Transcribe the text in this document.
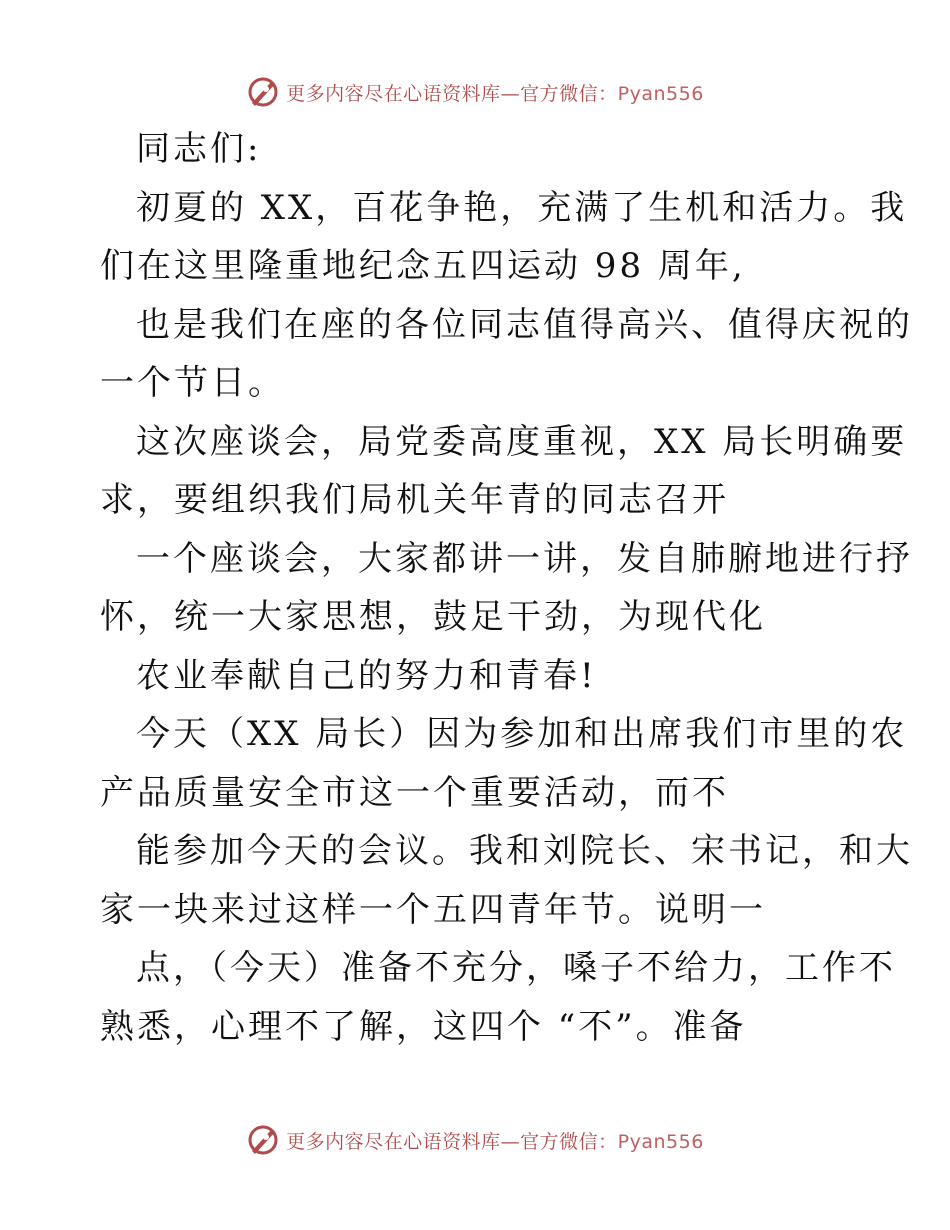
更多内容尽在心语资料库—官方微信：Pyan556
同志们:
初夏的 XX，百花争艳，充满了生机和活力。我
们在这里隆重地纪念五四运动 98 周年,
也是我们在座的各位同志值得高兴、值得庆祝的
一个节日。
这次座谈会，局党委高度重视，XX 局长明确要
求，要组织我们局机关年青的同志召开
一个座谈会，大家都讲一讲，发自肺腑地进行抒
怀，统一大家思想，鼓足干劲，为现代化
农业奉献自己的努力和青春!
今天（XX 局长）因为参加和出席我们市里的农
产品质量安全市这一个重要活动，而不
能参加今天的会议。我和刘院长、宋书记，和大
家一块来过这样一个五四青年节。说明一
点，（今天）准备不充分，嗓子不给力，工作不
熟悉，心理不了解，这四个 “不”。准备
更多内容尽在心语资料库—官方微信：Pyan556
